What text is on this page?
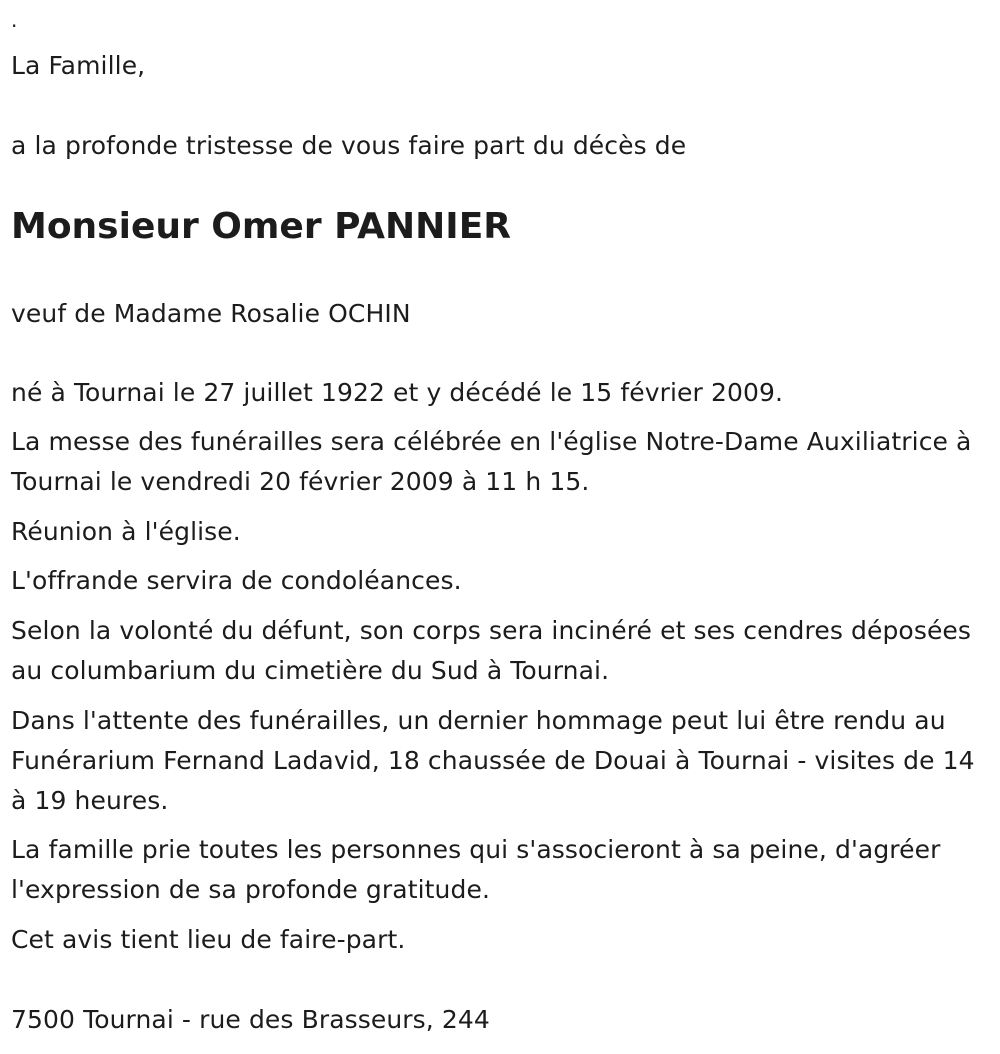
.
La Famille,
a la profonde tristesse de vous faire part du décès de
Monsieur Omer PANNIER
veuf de Madame Rosalie OCHIN
né à Tournai le 27 juillet 1922 et y décédé le 15 février 2009.
La messe des funérailles sera célébrée en l'église Notre-Dame Auxiliatrice à Tournai le vendredi 20 février 2009 à 11 h 15.
Réunion à l'église.
L'offrande servira de condoléances.
Selon la volonté du défunt, son corps sera incinéré et ses cendres déposées au columbarium du cimetière du Sud à Tournai.
Dans l'attente des funérailles, un dernier hommage peut lui être rendu au Funérarium Fernand Ladavid, 18 chaussée de Douai à Tournai - visites de 14 à 19 heures.
La famille prie toutes les personnes qui s'associeront à sa peine, d'agréer l'expression de sa profonde gratitude.
Cet avis tient lieu de faire-part.
7500 Tournai - rue des Brasseurs, 244
